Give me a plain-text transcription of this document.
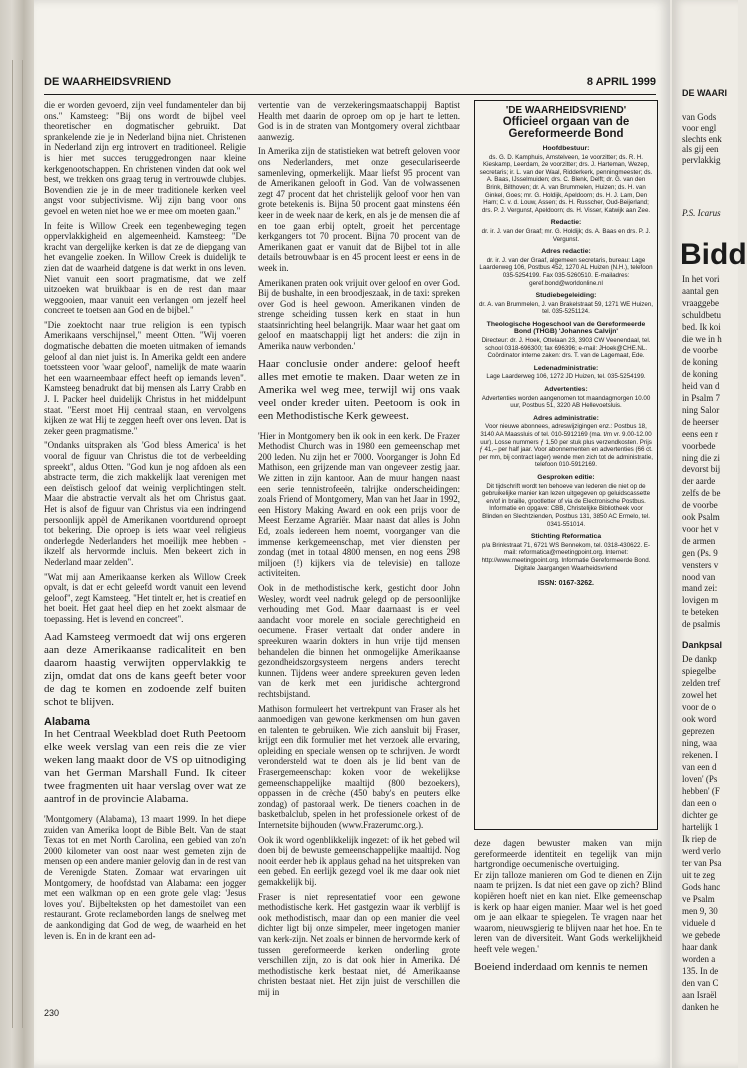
DE WAARHEIDSVRIEND	8 APRIL 1999

die er worden gevoerd, zijn veel fundamenteler dan bij ons." Kamsteeg: "Bij ons wordt de bijbel veel theoretischer en dogmatischer gebruikt. Dat sprankelende zie je in Nederland bijna niet. Christenen in Nederland zijn erg introvert en traditioneel. Religie is hier met succes teruggedrongen naar kleine kerkgenootschappen. En christenen vinden dat ook wel best, we trekken ons graag terug in vertrouwde clubjes. Bovendien zie je in de meer traditionele kerken veel angst voor subjectivisme. Wij zijn bang voor ons gevoel en weten niet hoe we er mee om moeten gaan."

In feite is Willow Creek een tegenbeweging tegen oppervlakkigheid en algemeenheid. Kamsteeg: "De kracht van dergelijke kerken is dat ze de diepgang van het evangelie zoeken. In Willow Creek is duidelijk te zien dat de waarheid datgene is dat werkt in ons leven. Niet vanuit een soort pragmatisme, dat we zelf uitzoeken wat bruikbaar is en de rest dan maar weggooien, maar vanuit een verlangen om jezelf heel concreet te toetsen aan God en de bijbel."

"Die zoektocht naar true religion is een typisch Amerikaans verschijnsel," meent Otten. "Wij voeren dogmatische debatten die moeten uitmaken of iemands geloof al dan niet juist is. In Amerika geldt een andere toetssteen voor 'waar geloof', namelijk de mate waarin het een waarneembaar effect heeft op iemands leven". Kamsteeg benadrukt dat bij mensen als Larry Crabb en J. I. Packer heel duidelijk Christus in het middelpunt staat. "Eerst moet Hij centraal staan, en vervolgens kijken ze wat Hij te zeggen heeft over ons leven. Dat is zeker geen pragmatisme."

"Ondanks uitspraken als 'God bless America' is het vooral de figuur van Christus die tot de verbeelding spreekt", aldus Otten. "God kun je nog afdoen als een abstracte term, die zich makkelijk laat verenigen met een deïstisch geloof dat weinig verplichtingen stelt. Maar die abstractie vervalt als het om Christus gaat. Het is alsof de figuur van Christus via een indringend persoonlijk appèl de Amerikanen voortdurend oproept tot bekering. Die oproep is iets waar veel religieus onderlegde Nederlanders het moeilijk mee hebben - ikzelf als hervormde incluis. Men bekeert zich in Nederland maar zelden".

"Wat mij aan Amerikaanse kerken als Willow Creek opvalt, is dat er echt geleefd wordt vanuit een levend geloof", zegt Kamsteeg. "Het tintelt er, het is creatief en het boeit. Het gaat heel diep en het zoekt alsmaar de toepassing. Het is levend en concreet".

Aad Kamsteeg vermoedt dat wij ons ergeren aan deze Amerikaanse radicaliteit en ben daarom haastig verwijten oppervlakkig te zijn, omdat dat ons de kans geeft beter voor de dag te komen en zodoende zelf buiten schot te blijven.

Alabama

In het Centraal Weekblad doet Ruth Peetoom elke week verslag van een reis die ze vier weken lang maakt door de VS op uitnodiging van het German Marshall Fund. Ik citeer twee fragmenten uit haar verslag over wat ze aantrof in de provincie Alabama.

'Montgomery (Alabama), 13 maart 1999. In het diepe zuiden van Amerika loopt de Bible Belt. Van de staat Texas tot en met North Carolina, een gebied van zo'n 2000 kilometer van oost naar west gemeten zijn de mensen op een andere manier gelovig dan in de rest van de Verenigde Staten. Zomaar wat ervaringen uit Montgomery, de hoofdstad van Alabama: een jogger met een walkman op en een grote gele vlag: 'Jesus loves you'. Bijbelteksten op het damestoilet van een restaurant. Grote reclameborden langs de snelweg met de aankondiging dat God de weg, de waarheid en het leven is. En in de krant een ad-

vertentie van de verzekeringsmaatschappij Baptist Health met daarin de oproep om op je hart te letten. God is in de straten van Montgomery overal zichtbaar aanwezig.

In Amerika zijn de statistieken wat betreft geloven voor ons Nederlanders, met onze geseculariseerde samenleving, opmerkelijk. Maar liefst 95 procent van de Amerikanen gelooft in God. Van de volwassenen zegt 47 procent dat het christelijk geloof voor hen van grote betekenis is. Bijna 50 procent gaat minstens één keer in de week naar de kerk, en als je de mensen die af en toe gaan erbij optelt, groeit het percentage kerkgangers tot 70 procent. Bijna 70 procent van de Amerikanen gaat er vanuit dat de Bijbel tot in alle details betrouwbaar is en 45 procent leest er eens in de week in.

Amerikanen praten ook vrijuit over geloof en over God. Bij de bushalte, in een broodjeszaak, in de taxi: spreken over God is heel gewoon. Amerikanen vinden de strenge scheiding tussen kerk en staat in hun staatsinrichting heel belangrijk. Maar waar het gaat om geloof en maatschappij ligt het anders: die zijn in Amerika nauw verbonden.'

Haar conclusie onder andere: geloof heeft alles met emotie te maken. Daar weten ze in Amerika wel weg mee, terwijl wij ons vaak veel onder kreder uiten. Peetoom is ook in een Methodistische Kerk geweest.

'Hier in Montgomery ben ik ook in een kerk. De Frazer Methodist Church was in 1980 een gemeenschap met 200 leden. Nu zijn het er 7000. Voorganger is John Ed Mathison, een grijzende man van ongeveer zestig jaar. We zitten in zijn kantoor. Aan de muur hangen naast een serie tennistrofeeën, talrijke onderscheidingen: zoals Friend of Montgomery, Man van het Jaar in 1992, een History Making Award en ook een prijs voor de Meest Eerzame Agrariër. Maar naast dat alles is John Ed, zoals iedereen hem noemt, voorganger van die immense kerkgemeenschap, met vier diensten per zondag (met in totaal 4800 mensen, en nog eens 298 miljoen (!) kijkers via de televisie) en talloze activiteiten.

Ook in de methodistische kerk, gesticht door John Wesley, wordt veel nadruk gelegd op de persoonlijke verhouding met God. Maar daarnaast is er veel aandacht voor morele en sociale gerechtigheid en oecumene. Fraser vertaalt dat onder andere in spreekuren waarin dokters in hun vrije tijd mensen behandelen die binnen het onmogelijke Amerikaanse gezondheidszorgsysteem nergens anders terecht kunnen. Tijdens weer andere spreekuren geven leden van de kerk met een juridische achtergrond rechtsbijstand.

Mathison formuleert het vertrekpunt van Fraser als het aanmoedigen van gewone kerkmensen om hun gaven en talenten te gebruiken. Wie zich aansluit bij Fraser, krijgt een dik formulier met het verzoek alle ervaring, opleiding en speciale wensen op te schrijven. Je wordt verondersteld wat te doen als je lid bent van de Frasergemeenschap: koken voor de wekelijkse gemeenschappelijke maaltijd (800 bezoekers), oppassen in de crèche (450 baby's en peuters elke zondag) of pastoraal werk. De tieners coachen in de basketbalclub, spelen in het professionele orkest of de Internetsite bijhouden (www.Frazerumc.org.).

Ook ik word ogenblikkelijk ingezet: of ik het gebed wil doen bij de bewuste gemeenschappelijke maaltijd. Nog nooit eerder heb ik applaus gehad na het uitspreken van een gebed. En eerlijk gezegd voel ik me daar ook niet gemakkelijk bij.

Fraser is niet representatief voor een gewone methodistische kerk. Het gastgezin waar ik verblijf is ook methodistisch, maar dan op een manier die veel dichter ligt bij onze simpeler, meer ingetogen manier van kerk-zijn. Net zoals er binnen de hervormde kerk of tussen gereformeerde kerken onderling grote verschillen zijn, zo is dat ook hier in Amerika. Dé methodistische kerk bestaat niet, dé Amerikaanse christen bestaat niet. Het zijn juist de verschillen die mij in

'DE WAARHEIDSVRIEND'
Officieel orgaan van de Gereformeerde Bond
Hoofdbestuur:
ds. G. D. Kamphuis, Amstelveen, 1e voorzitter; ds. R. H. Kieskamp, Leerdam, 2e voorzitter; drs. J. Harteman, Wezep, secretaris; ir. L. van der Waal, Ridderkerk, penningmeester; ds. A. Baas, IJsselmuiden; drs. C. Blenk, Delft; dr. G. van den Brink, Bilthoven; dr. A. van Brummelen, Huizen; ds. H. van Ginkel, Goes; mr. G. Holdijk, Apeldoorn; ds. H. J. Lam, Den Ham; C. v. d. Louw, Assen; ds. H. Russcher, Oud-Beijerland; drs. P. J. Vergunst, Apeldoorn; ds. H. Visser, Katwijk aan Zee.
Redactie:
dr. ir. J. van der Graaf; mr. G. Holdijk; ds. A. Baas en drs. P. J. Vergunst.
Adres redactie:
dr. ir. J. van der Graaf, algemeen secretaris, bureau: Lage Laarderweg 106, Postbus 452, 1270 AL Huizen (N.H.), telefoon 035-5254199. Fax 035-5260510. E-mailadres: geref.bond@worldonline.nl
Studiebegeleiding:
dr. A. van Brummelen, J. van Brakelstraat 59, 1271 WE Huizen, tel. 035-5251124.
Theologische Hogeschool van de Gereformeerde Bond (THGB) 'Johannes Calvijn'
Directeur: dr. J. Hoek, Ottelaan 23, 3903 CW Veenendaal, tel. school 0318-696300; fax 696396; e-mail: JHoek@CHE.NL. Coördinator interne zaken: drs. T. van de Lagemaat, Ede.
Ledenadministratie:
Lage Laarderweg 106, 1272 JD Huizen, tel. 035-5254199.
Advertenties:
Advertenties worden aangenomen tot maandagmorgen 10.00 uur, Postbus 51, 3220 AB Hellevoetsluis.
Adres administratie:
Voor nieuwe abonnees, adreswijzigingen enz.: Postbus 18, 3140 AA Maassluis of tel. 010-5912169 (ma. t/m vr. 9.00-12.00 uur). Losse nummers ƒ 1,50 per stuk plus verzendkosten. Prijs ƒ 41,– per half jaar. Voor abonnementen en advertenties (66 ct. per mm, bij contract lager) wende men zich tot de administratie, telefoon 010-5912169.
Gesproken editie:
Dit tijdschrift wordt ten behoeve van lederen die niet op de gebruikelijke manier kan lezen uitgegeven op geluidscassette en/of in braille, grootletter of via de Electronische Postbus. Informatie en opgave: CBB, Christelijke Bibliotheek voor Blinden en Slechtzienden, Postbus 131, 3850 AC Ermelo, tel. 0341-551014.
Stichting Reformatica
p/a Brinkstraat 71, 6721 WS Bennekom, tel. 0318-430622. E-mail: reformatica@meetingpoint.org. Internet: http://www.meetingpoint.org. Informatie Gereformeerde Bond. Digitale Jaargangen Waarheidsvriend
ISSN: 0167-3262.

deze dagen bewuster maken van mijn gereformeerde identiteit en tegelijk van mijn hartgrondige oecumenische overtuiging.

Er zijn talloze manieren om God te dienen en Zijn naam te prijzen. Is dat niet een gave op zich? Blind kopiëren hoeft niet en kan niet. Elke gemeenschap is kerk op haar eigen manier. Maar wel is het goed om je aan elkaar te spiegelen. Te vragen naar het waarom, nieuwsgierig te blijven naar het hoe. En te leren van de diversiteit. Want Gods werkelijkheid heeft vele wegen.'

Boeiend inderdaad om kennis te nemen

230
DE WAARI
van Gods
voor engl
slechts enk
als gij een
pervlakkig
P.S. Icarus
Bidd
In het vori
aantal gen
vraaggebe
schuldbetu
bed. Ik koi
die we in h
de voorbe
de koning
de koning
heid van d
in Psalm 7
ning Salor
de heerser
eens een r
voorbede
ning die zi
devorst bij
der aarde
zelfs de be
de voorbe
ook Psalm
voor het v
de armen
gen (Ps. 9
vensters v
nood van
mand zei:
lovigen m
te beteken
de psalmis
Dankpsal
De dankp
spiegelbe
zelden tref
zowel het
voor de o
ook word
geprezen
ning, waa
rekenen. I
van een d
loven' (Ps
hebben' (F
dan een o
dichter ge
hartelijk 1
Ik riep de
werd verlo
ter van Psa
uit te zeg
Gods hanc
ve Psalm
men 9, 30
viduele d
we gebede
haar dank
worden a
135. In de
den van C
aan Israël
danken he
